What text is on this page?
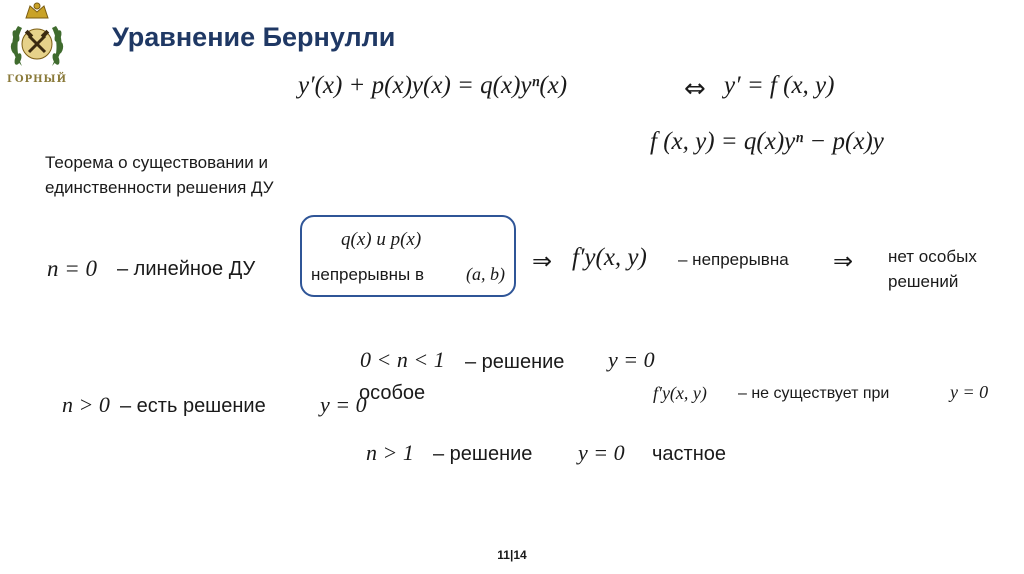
ГОРНЫЙ
Уравнение Бернулли
y′(x) + p(x)y(x) = q(x)yⁿ(x)	⇔ y′ = f (x, y)
f (x, y) = q(x)yⁿ − p(x)y
Теорема о существовании и
единственности решения ДУ
n = 0 – линейное ДУ
q(x) и p(x)
непрерывны в (a, b) ⇒ f′y(x, y) – непрерывна ⇒ нет особых
решений
0 < n < 1 – решение y = 0
особое	f′y(x, y) – не существует при	y = 0
n > 0 – есть решение y = 0
n > 1 – решение y = 0 частное
11|14
